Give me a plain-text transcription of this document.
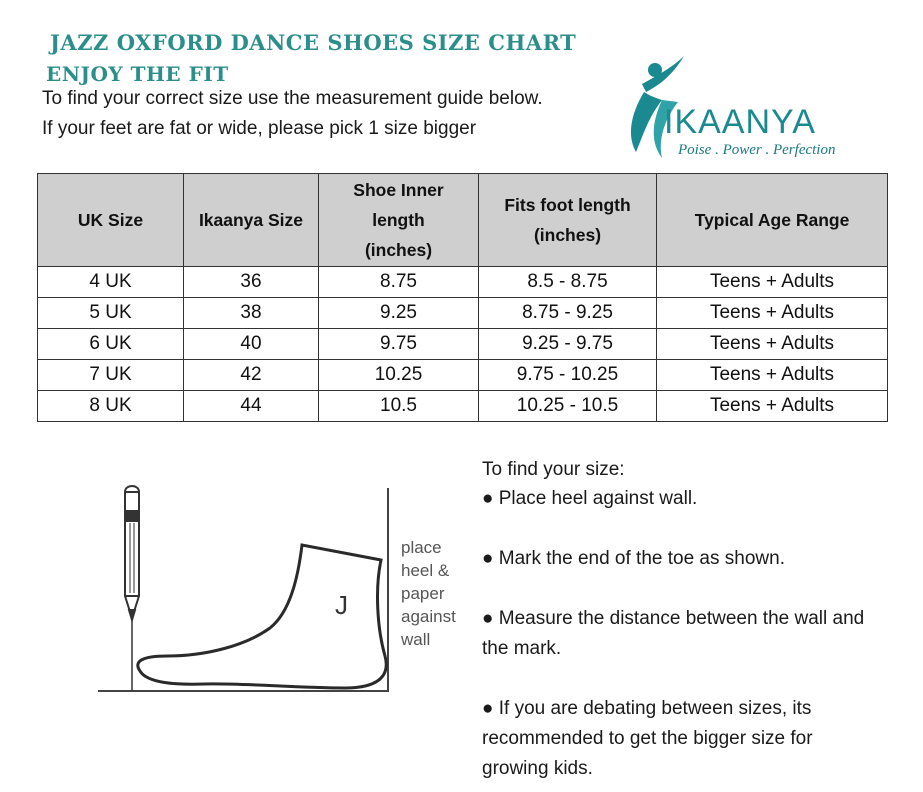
JAZZ OXFORD DANCE SHOES SIZE CHART
ENJOY THE FIT
To find your correct size use the measurement guide below.
If your feet are fat or wide, please pick 1 size bigger	IKAANYA
Poise . Power . Perfection
UK Size	Ikaanya Size	Shoe Inner length (inches)	Fits foot length (inches)	Typical Age Range
4 UK	36	8.75	8.5 - 8.75	Teens + Adults
5 UK	38	9.25	8.75 - 9.25	Teens + Adults
6 UK	40	9.75	9.25 - 9.75	Teens + Adults
7 UK	42	10.25	9.75 - 10.25	Teens + Adults
8 UK	44	10.5	10.25 - 10.5	Teens + Adults
J
place heel & paper against wall
To find your size:
● Place heel against wall.
● Mark the end of the toe as shown.
● Measure the distance between the wall and the mark.
● If you are debating between sizes, its recommended to get the bigger size for growing kids.
